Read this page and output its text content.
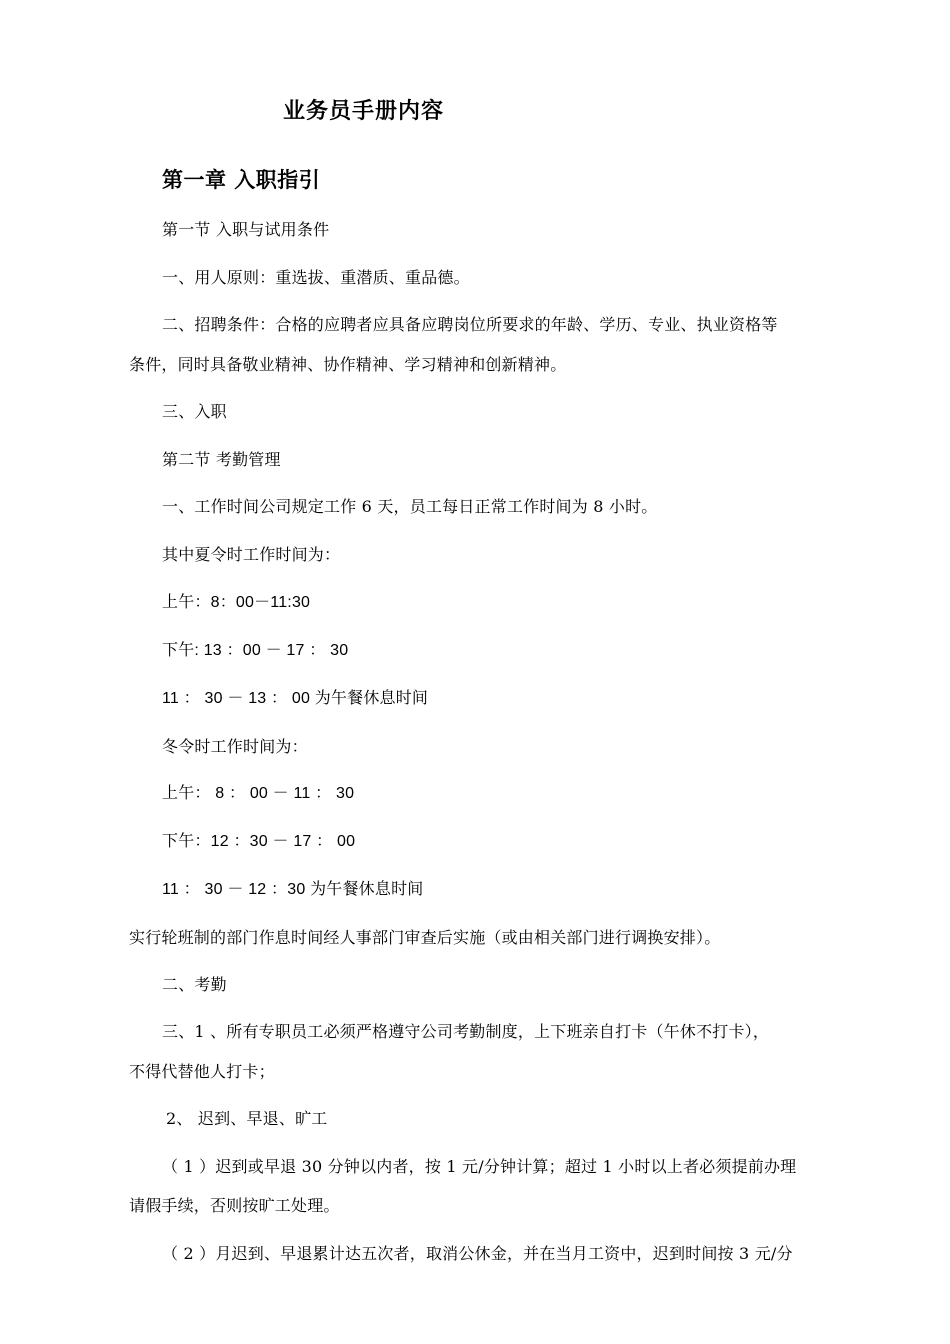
业务员手册内容
第一章 入职指引
第一节 入职与试用条件
一、用人原则：重选拔、重潜质、重品德。
二、招聘条件：合格的应聘者应具备应聘岗位所要求的年龄、学历、专业、执业资格等
条件，同时具备敬业精神、协作精神、学习精神和创新精神。
三、入职
第二节 考勤管理
一、工作时间公司规定工作 6 天，员工每日正常工作时间为 8 小时。
其中夏令时工作时间为：
上午：8：00－11:30
下午: 13 ：00 － 17 ： 30
11 ： 30 － 13 ： 00 为午餐休息时间
冬令时工作时间为：
上午： 8 ： 00 － 11 ： 30
下午：12 ：30 － 17 ： 00
11 ： 30 － 12 ：30 为午餐休息时间
实行轮班制的部门作息时间经人事部门审查后实施（或由相关部门进行调换安排）。
二、考勤
三、1 、所有专职员工必须严格遵守公司考勤制度，上下班亲自打卡（午休不打卡），
不得代替他人打卡；
2、 迟到、早退、旷工
（ 1 ）迟到或早退 30 分钟以内者，按 1 元/分钟计算；超过 1 小时以上者必须提前办理
请假手续，否则按旷工处理。
（ 2 ）月迟到、早退累计达五次者，取消公休金，并在当月工资中，迟到时间按 3 元/分
